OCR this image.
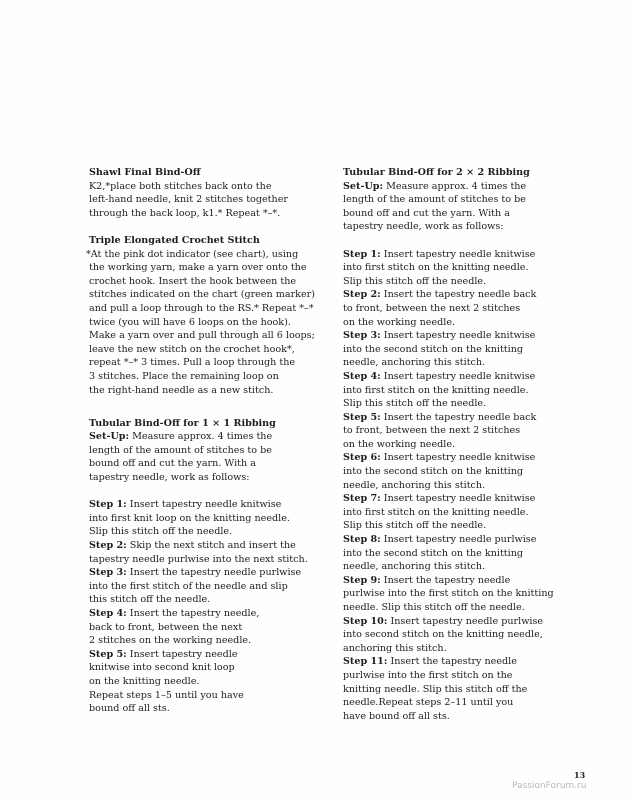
Shawl Final Bind-Off

K2,*place both stitches back onto the

left-hand needle, knit 2 stitches together

through the back loop, k1.* Repeat *–*.

Triple Elongated Crochet Stitch

*At the pink dot indicator (see chart), using

the working yarn, make a yarn over onto the

crochet hook. Insert the hook between the

stitches indicated on the chart (green marker)

and pull a loop through to the RS.* Repeat *–*

twice (you will have 6 loops on the hook).

Make a yarn over and pull through all 6 loops;

leave the new stitch on the crochet hook*,

repeat *–* 3 times. Pull a loop through the

3 stitches. Place the remaining loop on

the right-hand needle as a new stitch.

Tubular Bind-Off for 1 × 1 Ribbing

Set-Up: Measure approx. 4 times the

length of the amount of stitches to be

bound off and cut the yarn. With a

tapestry needle, work as follows:

Step 1: Insert tapestry needle knitwise

into first knit loop on the knitting needle.

Slip this stitch off the needle.

Step 2: Skip the next stitch and insert the

tapestry needle purlwise into the next stitch.

Step 3: Insert the tapestry needle purlwise

into the first stitch of the needle and slip

this stitch off the needle.

Step 4: Insert the tapestry needle,

back to front, between the next

2 stitches on the working needle.

Step 5: Insert tapestry needle

knitwise into second knit loop

on the knitting needle.

Repeat steps 1–5 until you have

bound off all sts.

Tubular Bind-Off for 2 × 2 Ribbing

Set-Up: Measure approx. 4 times the

length of the amount of stitches to be

bound off and cut the yarn. With a

tapestry needle, work as follows:

Step 1: Insert tapestry needle knitwise

into first stitch on the knitting needle.

Slip this stitch off the needle.

Step 2: Insert the tapestry needle back

to front, between the next 2 stitches

on the working needle.

Step 3: Insert tapestry needle knitwise

into the second stitch on the knitting

needle, anchoring this stitch.

Step 4: Insert tapestry needle knitwise

into first stitch on the knitting needle.

Slip this stitch off the needle.

Step 5: Insert the tapestry needle back

to front, between the next 2 stitches

on the working needle.

Step 6: Insert tapestry needle knitwise

into the second stitch on the knitting

needle, anchoring this stitch.

Step 7: Insert tapestry needle knitwise

into first stitch on the knitting needle.

Slip this stitch off the needle.

Step 8: Insert tapestry needle purlwise

into the second stitch on the knitting

needle, anchoring this stitch.

Step 9: Insert the tapestry needle

purlwise into the first stitch on the knitting

needle. Slip this stitch off the needle.

Step 10: Insert tapestry needle purlwise

into second stitch on the knitting needle,

anchoring this stitch.

Step 11: Insert the tapestry needle

purlwise into the first stitch on the

knitting needle. Slip this stitch off the

needle.Repeat steps 2–11 until you

have bound off all sts.

13
PassionForum.ru
